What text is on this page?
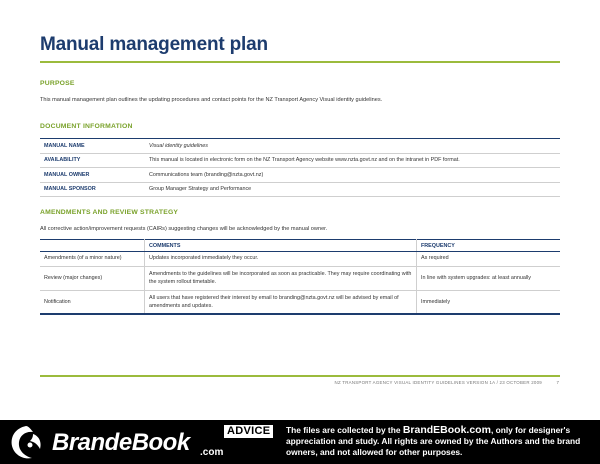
Manual management plan
PURPOSE
This manual management plan outlines the updating procedures and contact points for the NZ Transport Agency Visual identity guidelines.
DOCUMENT INFORMATION
MANUAL NAME	Visual identity guidelines
AVAILABILITY	This manual is located in electronic form on the NZ Transport Agency website www.nzta.govt.nz and on the intranet in PDF format.
MANUAL OWNER	Communications team (branding@nzta.govt.nz)
MANUAL SPONSOR	Group Manager Strategy and Performance
AMENDMENTS AND REVIEW STRATEGY
All corrective action/improvement requests (CAIRs) suggesting changes will be acknowledged by the manual owner.
	COMMENTS	FREQUENCY
Amendments (of a minor nature)	Updates incorporated immediately they occur.	As required
Review (major changes)	Amendments to the guidelines will be incorporated as soon as practicable. They may require coordinating with the system rollout timetable.	In line with system upgrades: at least annually
Notification	All users that have registered their interest by email to branding@nzta.govt.nz will be advised by email of amendments and updates.	Immediately
NZ TRANSPORT AGENCY VISUAL IDENTITY GUIDELINES VERSION 1A / 23 OCTOBER 2009	7
BrandeBook .com
ADVICE	The files are collected by the BrandEBook.com, only for designer's appreciation and study. All rights are owned by the Authors and the brand owners, and not allowed for other purposes.
